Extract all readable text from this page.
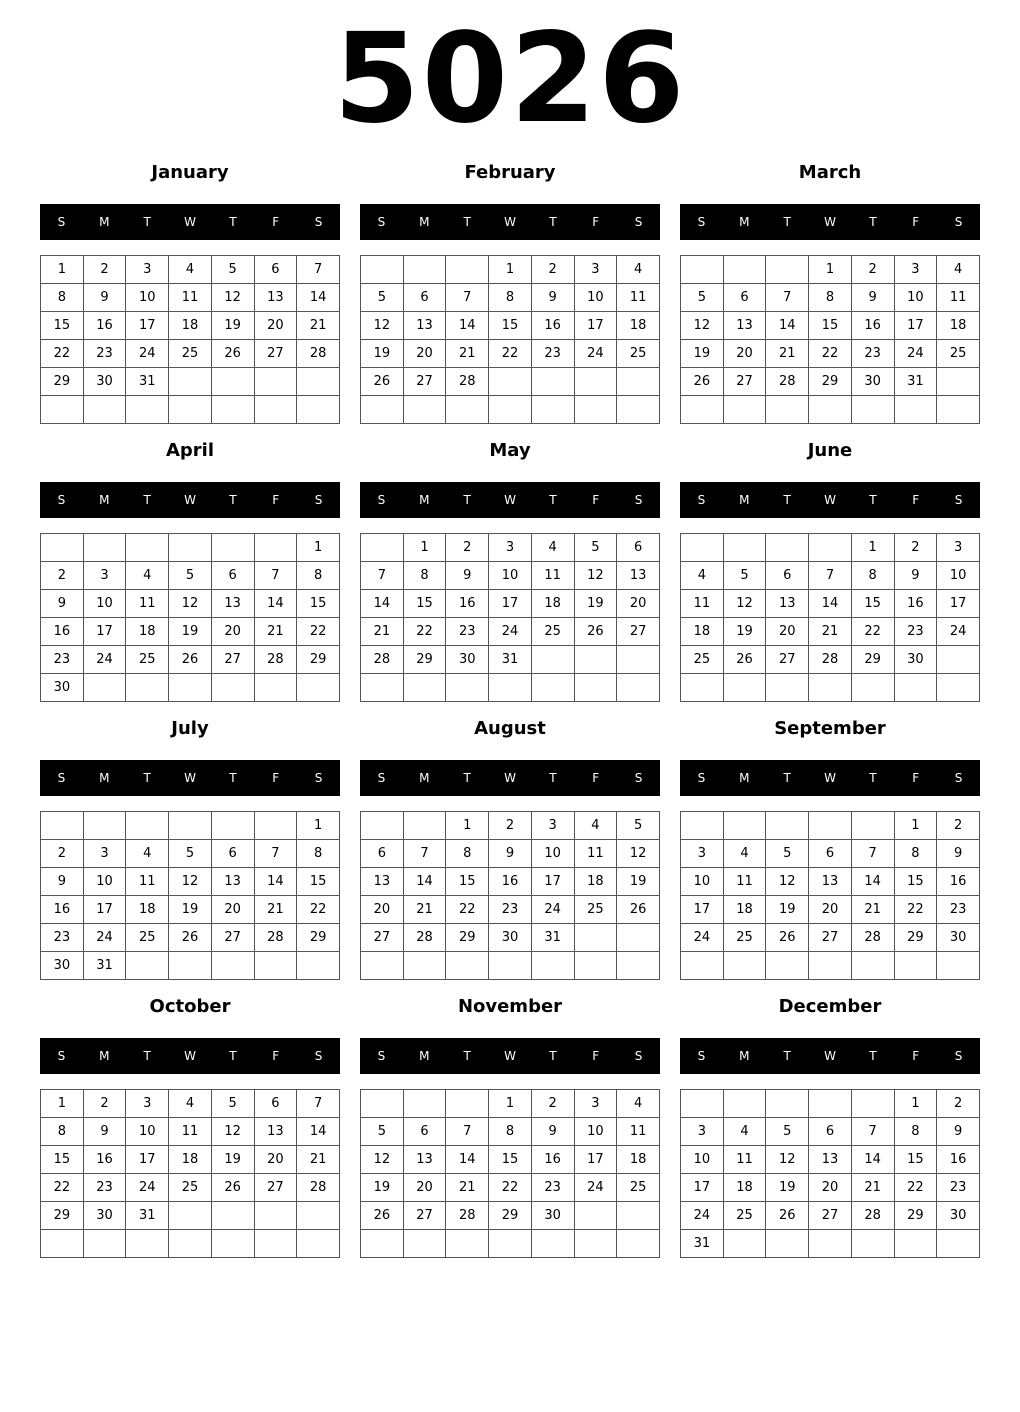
5026
January
S	M	T	W	T	F	S
1	2	3	4	5	6	7
8	9	10	11	12	13	14
15	16	17	18	19	20	21
22	23	24	25	26	27	28
29	30	31				

February
S	M	T	W	T	F	S
			1	2	3	4
5	6	7	8	9	10	11
12	13	14	15	16	17	18
19	20	21	22	23	24	25
26	27	28				

March
S	M	T	W	T	F	S
			1	2	3	4
5	6	7	8	9	10	11
12	13	14	15	16	17	18
19	20	21	22	23	24	25
26	27	28	29	30	31	

April
S	M	T	W	T	F	S
						1
2	3	4	5	6	7	8
9	10	11	12	13	14	15
16	17	18	19	20	21	22
23	24	25	26	27	28	29
30						
May
S	M	T	W	T	F	S
	1	2	3	4	5	6
7	8	9	10	11	12	13
14	15	16	17	18	19	20
21	22	23	24	25	26	27
28	29	30	31			

June
S	M	T	W	T	F	S
				1	2	3
4	5	6	7	8	9	10
11	12	13	14	15	16	17
18	19	20	21	22	23	24
25	26	27	28	29	30	

July
S	M	T	W	T	F	S
						1
2	3	4	5	6	7	8
9	10	11	12	13	14	15
16	17	18	19	20	21	22
23	24	25	26	27	28	29
30	31					
August
S	M	T	W	T	F	S
		1	2	3	4	5
6	7	8	9	10	11	12
13	14	15	16	17	18	19
20	21	22	23	24	25	26
27	28	29	30	31		

September
S	M	T	W	T	F	S
					1	2
3	4	5	6	7	8	9
10	11	12	13	14	15	16
17	18	19	20	21	22	23
24	25	26	27	28	29	30

October
S	M	T	W	T	F	S
1	2	3	4	5	6	7
8	9	10	11	12	13	14
15	16	17	18	19	20	21
22	23	24	25	26	27	28
29	30	31				

November
S	M	T	W	T	F	S
			1	2	3	4
5	6	7	8	9	10	11
12	13	14	15	16	17	18
19	20	21	22	23	24	25
26	27	28	29	30		

December
S	M	T	W	T	F	S
					1	2
3	4	5	6	7	8	9
10	11	12	13	14	15	16
17	18	19	20	21	22	23
24	25	26	27	28	29	30
31						
